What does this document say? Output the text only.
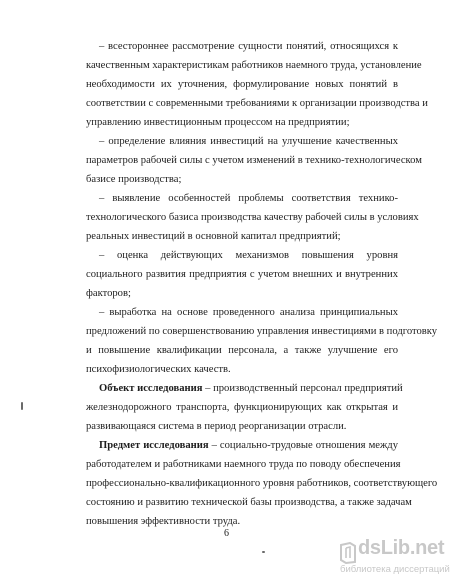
– всестороннее рассмотрение сущности понятий, относящихся к
качественным характеристикам работников наемного труда, установление
необходимости их уточнения, формулирование новых понятий в
соответствии с современными требованиями к организации производства и
управлению инвестиционным процессом на предприятии;
– определение влияния инвестиций на улучшение качественных
параметров рабочей силы с учетом изменений в технико-технологическом
базисе производства;
– выявление особенностей проблемы соответствия технико-
технологического базиса производства качеству рабочей силы в условиях
реальных инвестиций в основной капитал предприятий;
– оценка действующих механизмов повышения уровня
социального развития предприятия с учетом внешних и внутренних
факторов;
– выработка на основе проведенного анализа принципиальных
предложений по совершенствованию управления инвестициями в подготовку
и повышение квалификации персонала, а также улучшение его
психофизиологических качеств.
Объект исследования – производственный персонал предприятий
железнодорожного транспорта, функционирующих как открытая и
развивающаяся система в период реорганизации отрасли.
Предмет исследования – социально-трудовые отношения между
работодателем и работниками наемного труда по поводу обеспечения
профессионально-квалификационного уровня работников, соответствующего
состоянию и развитию технической базы производства, а также задачам
повышения эффективности труда.
6
dsLib.net
библиотека диссертаций
